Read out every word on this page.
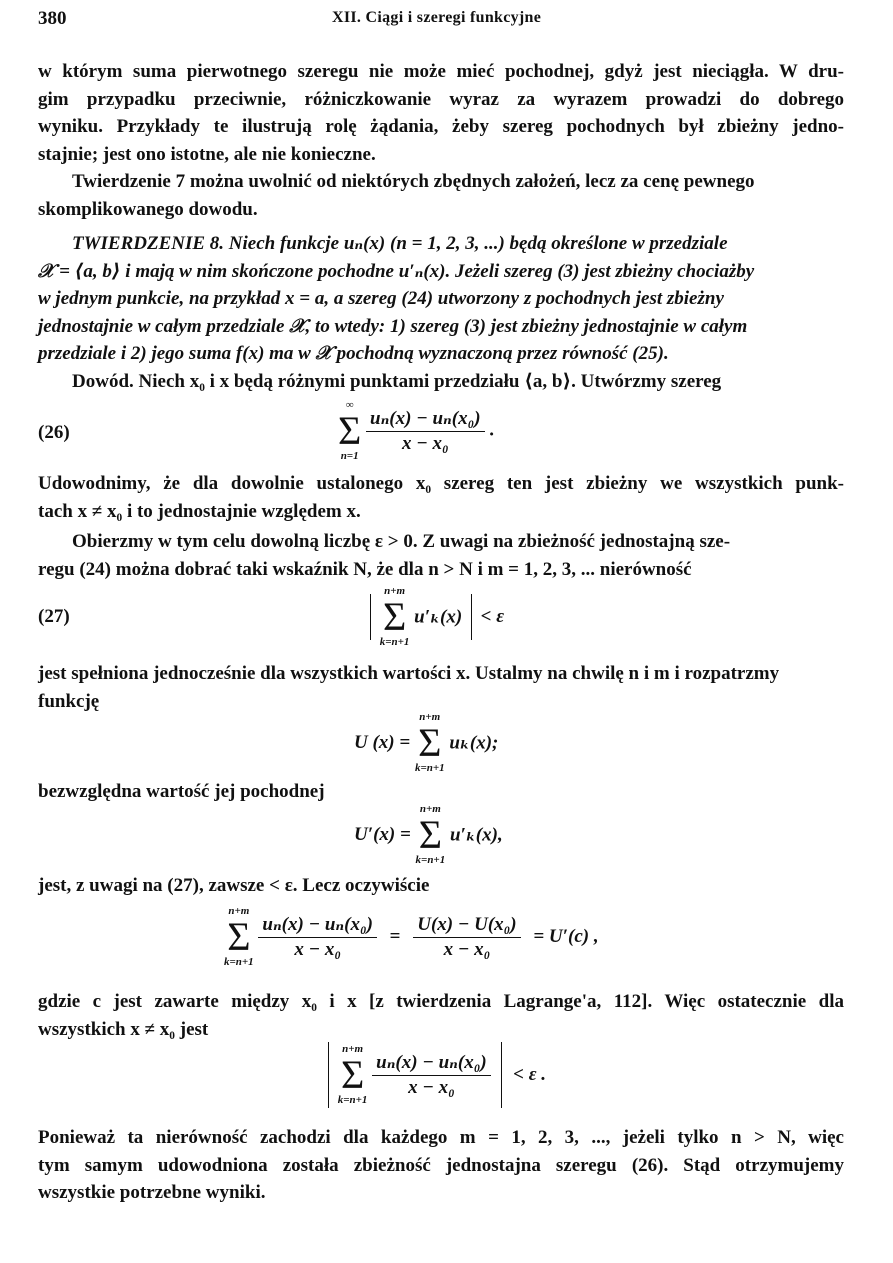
380	XII. Ciągi i szeregi funkcyjne
w którym suma pierwotnego szeregu nie może mieć pochodnej, gdyż jest nieciągła. W dru-
gim przypadku przeciwnie, różniczkowanie wyraz za wyrazem prowadzi do dobrego
wyniku. Przykłady te ilustrują rolę żądania, żeby szereg pochodnych był zbieżny jedno-
stajnie; jest ono istotne, ale nie konieczne.
Twierdzenie 7 można uwolnić od niektórych zbędnych założeń, lecz za cenę pewnego
skomplikowanego dowodu.
TWIERDZENIE 8. Niech funkcje uₙ(x) (n = 1, 2, 3, ...) będą określone w przedziale
𝒳 = ⟨a, b⟩ i mają w nim skończone pochodne u′ₙ(x). Jeżeli szereg (3) jest zbieżny chociażby
w jednym punkcie, na przykład x = a, a szereg (24) utworzony z pochodnych jest zbieżny
jednostajnie w całym przedziale 𝒳, to wtedy: 1) szereg (3) jest zbieżny jednostajnie w całym
przedziale i 2) jego suma f(x) ma w 𝒳 pochodną wyznaczoną przez równość (25).
Dowód. Niech x₀ i x będą różnymi punktami przedziału ⟨a, b⟩. Utwórzmy szereg
(26)
∞
Σ
n=1

$\frac{\text{uₙ(x) − uₙ(x₀)}}{\text{x − x₀}}$ .
Udowodnimy, że dla dowolnie ustalonego x₀ szereg ten jest zbieżny we wszystkich punk-
tach x ≠ x₀ i to jednostajnie względem x.
Obierzmy w tym celu dowolną liczbę ε > 0. Z uwagi na zbieżność jednostajną sze-
regu (24) można dobrać taki wskaźnik N, że dla n > N i m = 1, 2, 3, ... nierówność
(27)

n+m
Σ
k=n+1
u′ₖ(x) < ε
jest spełniona jednocześnie dla wszystkich wartości x. Ustalmy na chwilę n i m i rozpatrzmy
funkcję
U (x) =
n+m
Σ
k=n+1
uₖ(x);
bezwzględna wartość jej pochodnej
U′(x) =
n+m
Σ
k=n+1
u′ₖ(x),
jest, z uwagi na (27), zawsze < ε. Lecz oczywiście
n+m
Σ
k=n+1

$\frac{\text{uₙ(x) − uₙ(x₀)}}{\text{x − x₀}} = \frac{\text{U(x) − U(x₀)}}{\text{x − x₀}} = U'(c)$ ,
gdzie c jest zawarte między x₀ i x [z twierdzenia Lagrange'a, 112]. Więc ostatecznie dla
wszystkich x ≠ x₀ jest

n+m
Σ
k=n+1

$\frac{\text{uₙ(x) − uₙ(x₀)}}{\text{x − x₀}} < \varepsilon$ .
Ponieważ ta nierówność zachodzi dla każdego m = 1, 2, 3, ..., jeżeli tylko n > N, więc
tym samym udowodniona została zbieżność jednostajna szeregu (26). Stąd otrzymujemy
wszystkie potrzebne wyniki.
